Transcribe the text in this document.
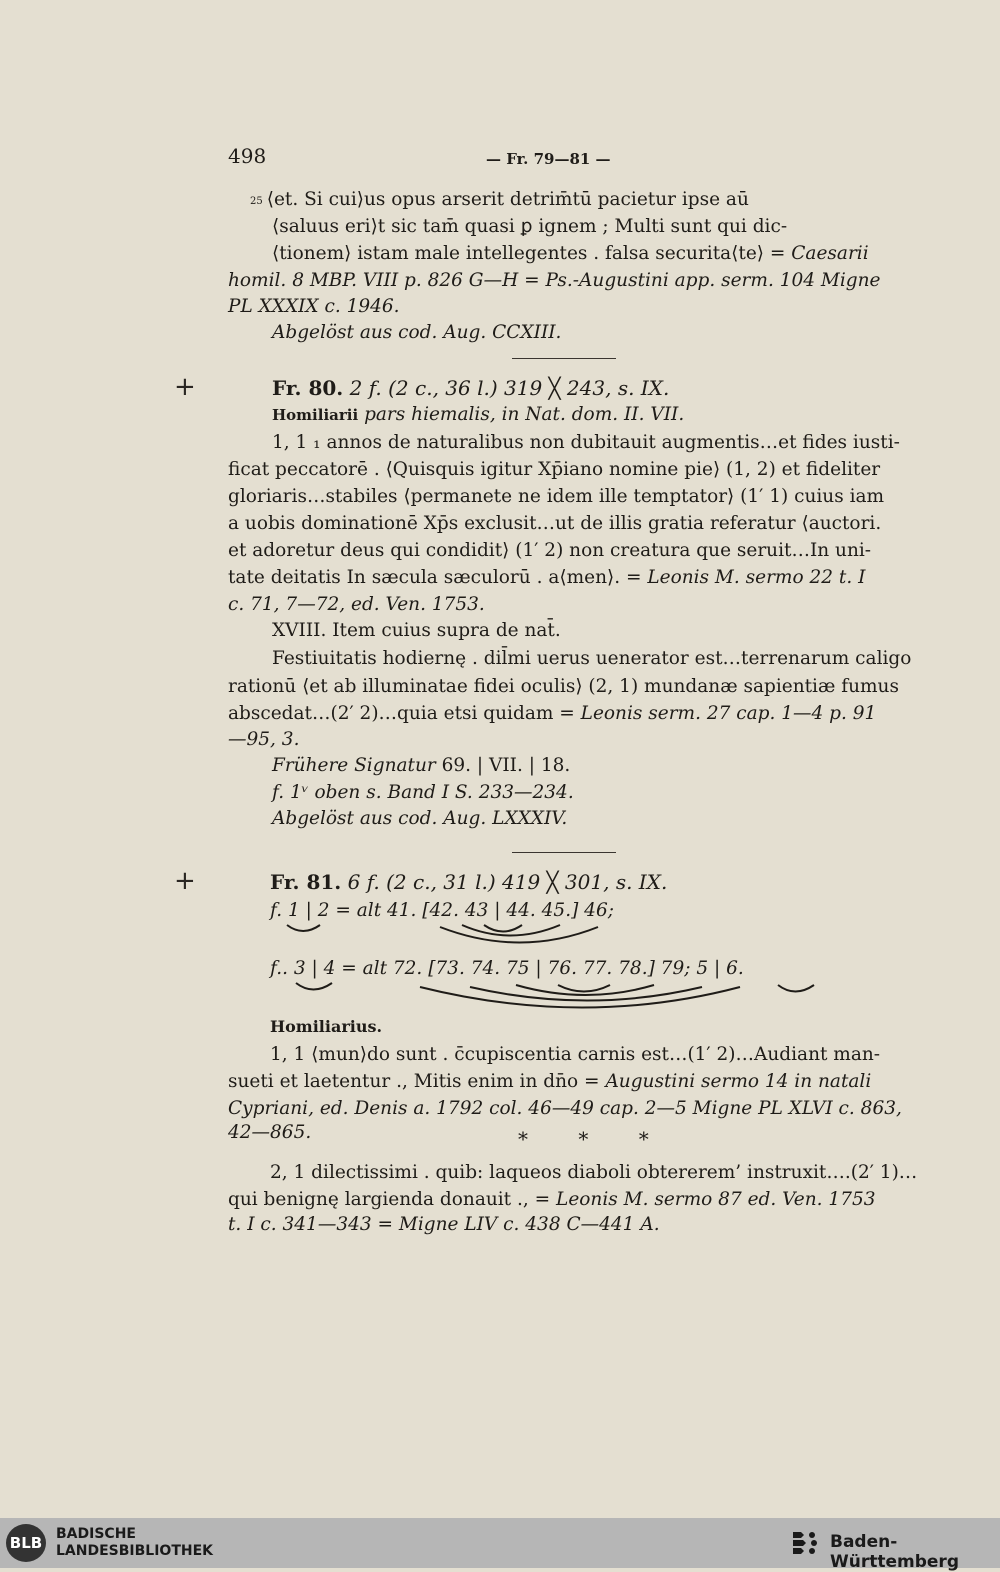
498	— Fr. 79—81 —
25 ⟨et. Si cui⟩us opus arserit detrim̄tū pacietur ipse aū
⟨saluus eri⟩t sic tam̄ quasi ꝑ ignem ; Multi sunt qui dic-
⟨tionem⟩ istam male intellegentes . falsa securita⟨te⟩ = Caesarii
homil. 8 MBP. VIII p. 826 G—H = Ps.-Augustini app. serm. 104 Migne
PL XXXIX c. 1946.
Abgelöst aus cod. Aug. CCXIII.
+	Fr. 80. 2 f. (2 c., 36 l.) 319 ╳ 243, s. IX.
Homiliarii pars hiemalis, in Nat. dom. II. VII.
1, 1 ₁ annos de naturalibus non dubitauit augmentis…et fides iusti-
ficat peccatorē . ⟨Quisquis igitur Xp̄iano nomine pie⟩ (1, 2) et fideliter
gloriaris…stabiles ⟨permanete ne idem ille temptator⟩ (1′ 1) cuius iam
a uobis dominationē Xp̄s exclusit…ut de illis gratia referatur ⟨auctori.
et adoretur deus qui condidit⟩ (1′ 2) non creatura que seruit…In uni-
tate deitatis In sæcula sæculorū . a⟨men⟩. = Leonis M. sermo 22 t. I
c. 71, 7—72, ed. Ven. 1753.
XVIII. Item cuius supra de nat̄.
Festiuitatis hodiernę . dil̄mi uerus uenerator est…terrenarum caligo
rationū ⟨et ab illuminatae fidei oculis⟩ (2, 1) mundanæ sapientiæ fumus
abscedat…(2′ 2)…quia etsi quidam = Leonis serm. 27 cap. 1—4 p. 91
—95, 3.
Frühere Signatur 69. | VII. | 18.
f. 1ᵛ oben s. Band I S. 233—234.
Abgelöst aus cod. Aug. LXXXIV.
+	Fr. 81. 6 f. (2 c., 31 l.) 419 ╳ 301, s. IX.
f. 1 | 2 = alt 41. [42. 43 | 44. 45.] 46;
f.. 3 | 4 = alt 72. [73. 74. 75 | 76. 77. 78.] 79; 5 | 6.
Homiliarius.
1, 1 ⟨mun⟩do sunt . c̄cupiscentia carnis est…(1′ 2)…Audiant man-
sueti et laetentur ., Mitis enim in dn̄o = Augustini sermo 14 in natali
Cypriani, ed. Denis a. 1792 col. 46—49 cap. 2—5 Migne PL XLVI c. 863,
42—865.	* * *
2, 1 dilectissimi . quib: laqueos diaboli obtererem’ instruxit….(2′ 1)…
qui benignę largienda donauit ., = Leonis M. sermo 87 ed. Ven. 1753
t. I c. 341—343 = Migne LIV c. 438 C—441 A.
BLB BADISCHE
LANDESBIBLIOTHEK	Baden-Württemberg
